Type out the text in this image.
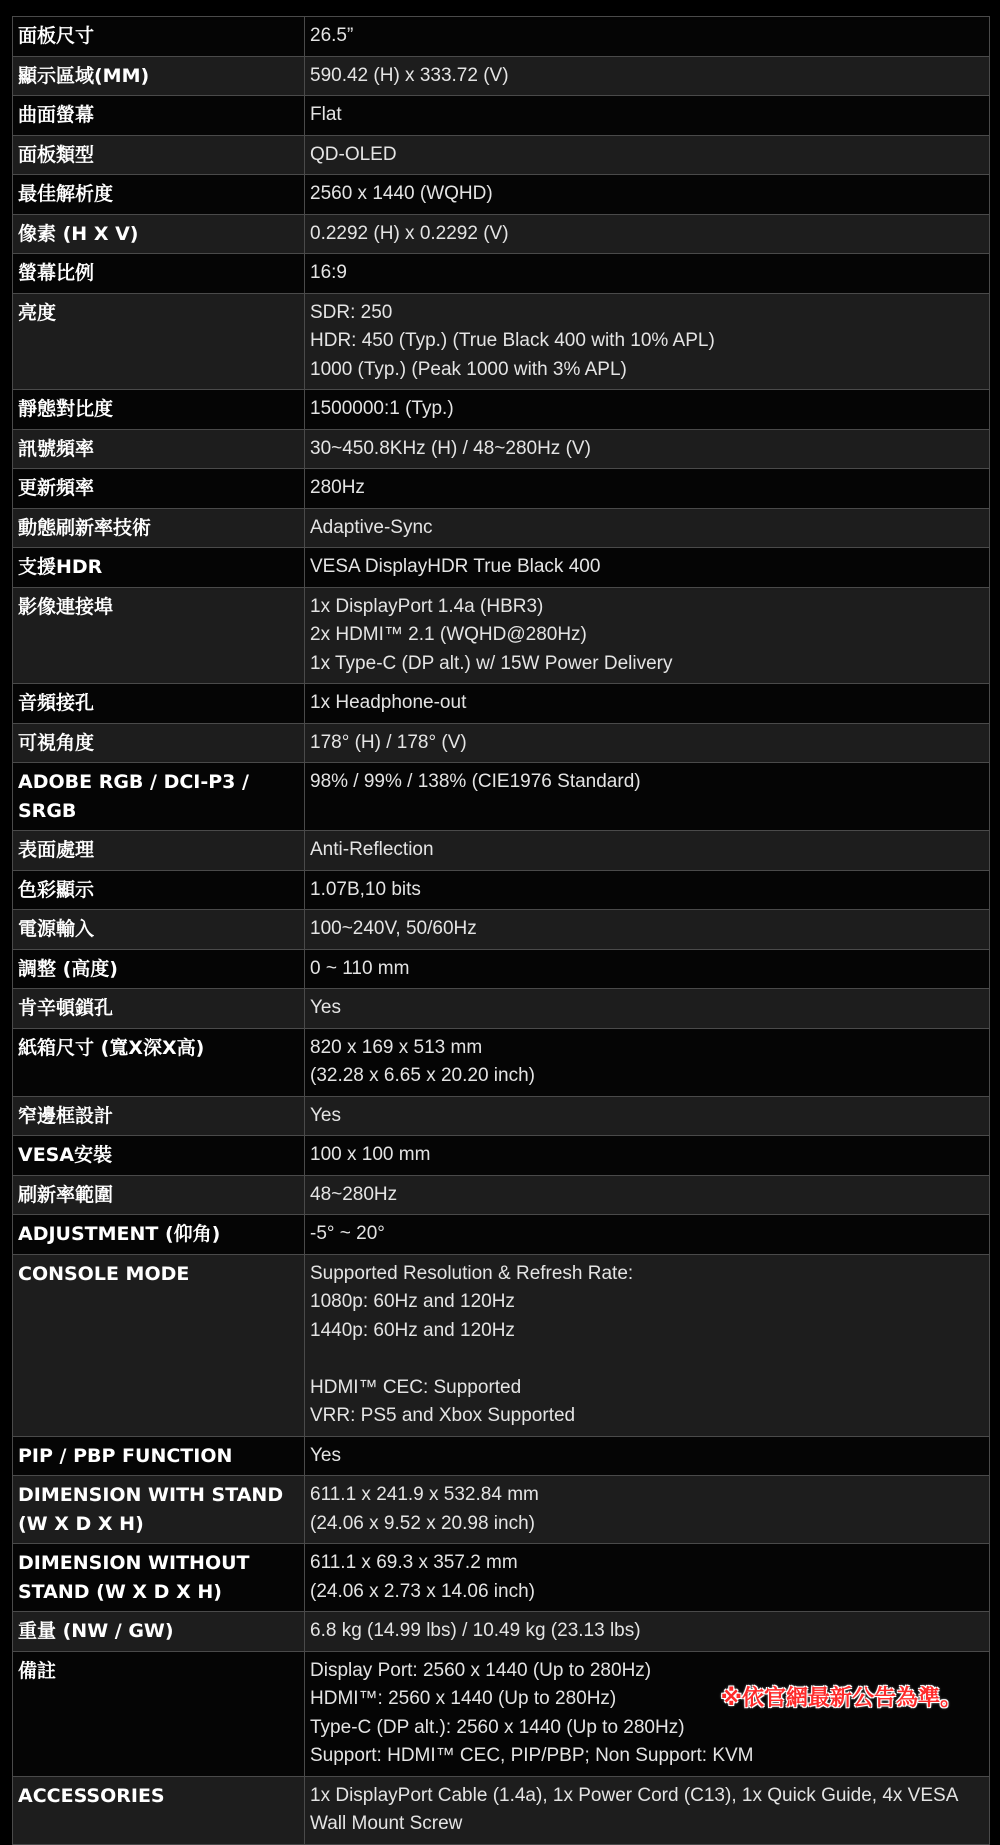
面板尺寸	26.5”

顯示區域(MM)	590.42 (H) x 333.72 (V)

曲面螢幕	Flat

面板類型	QD-OLED

最佳解析度	2560 x 1440 (WQHD)

像素 (H X V)	0.2292 (H) x 0.2292 (V)

螢幕比例	16:9

亮度	SDR: 250
HDR: 450 (Typ.) (True Black 400 with 10% APL)
1000 (Typ.) (Peak 1000 with 3% APL)

靜態對比度	1500000:1 (Typ.)

訊號頻率	30~450.8KHz (H) / 48~280Hz (V)

更新頻率	280Hz

動態刷新率技術	Adaptive-Sync

支援HDR	VESA DisplayHDR True Black 400

影像連接埠	1x DisplayPort 1.4a (HBR3)
2x HDMI™ 2.1 (WQHD@280Hz)
1x Type-C (DP alt.) w/ 15W Power Delivery

音頻接孔	1x Headphone-out

可視角度	178° (H) / 178° (V)

ADOBE RGB / DCI-P3 / SRGB	98% / 99% / 138% (CIE1976 Standard)

表面處理	Anti-Reflection

色彩顯示	1.07B,10 bits

電源輸入	100~240V, 50/60Hz

調整 (高度)	0 ~ 110 mm

肯辛頓鎖孔	Yes

紙箱尺寸 (寬X深X高)	820 x 169 x 513 mm
(32.28 x 6.65 x 20.20 inch)

窄邊框設計	Yes

VESA安裝	100 x 100 mm

刷新率範圍	48~280Hz

ADJUSTMENT (仰角)	-5° ~ 20°

CONSOLE MODE	Supported Resolution & Refresh Rate:
1080p: 60Hz and 120Hz
1440p: 60Hz and 120Hz
HDMI™ CEC: Supported
VRR: PS5 and Xbox Supported

PIP / PBP FUNCTION	Yes

DIMENSION WITH STAND (W X D X H)	611.1 x 241.9 x 532.84 mm
(24.06 x 9.52 x 20.98 inch)

DIMENSION WITHOUT STAND (W X D X H)	611.1 x 69.3 x 357.2 mm
(24.06 x 2.73 x 14.06 inch)

重量 (NW / GW)	6.8 kg (14.99 lbs) / 10.49 kg (23.13 lbs)

備註	Display Port: 2560 x 1440 (Up to 280Hz)
HDMI™: 2560 x 1440 (Up to 280Hz)
Type-C (DP alt.): 2560 x 1440 (Up to 280Hz)
Support: HDMI™ CEC, PIP/PBP; Non Support: KVM

ACCESSORIES	1x DisplayPort Cable (1.4a), 1x Power Cord (C13), 1x Quick Guide, 4x VESA Wall Mount Screw
※依官網最新公告為準。
